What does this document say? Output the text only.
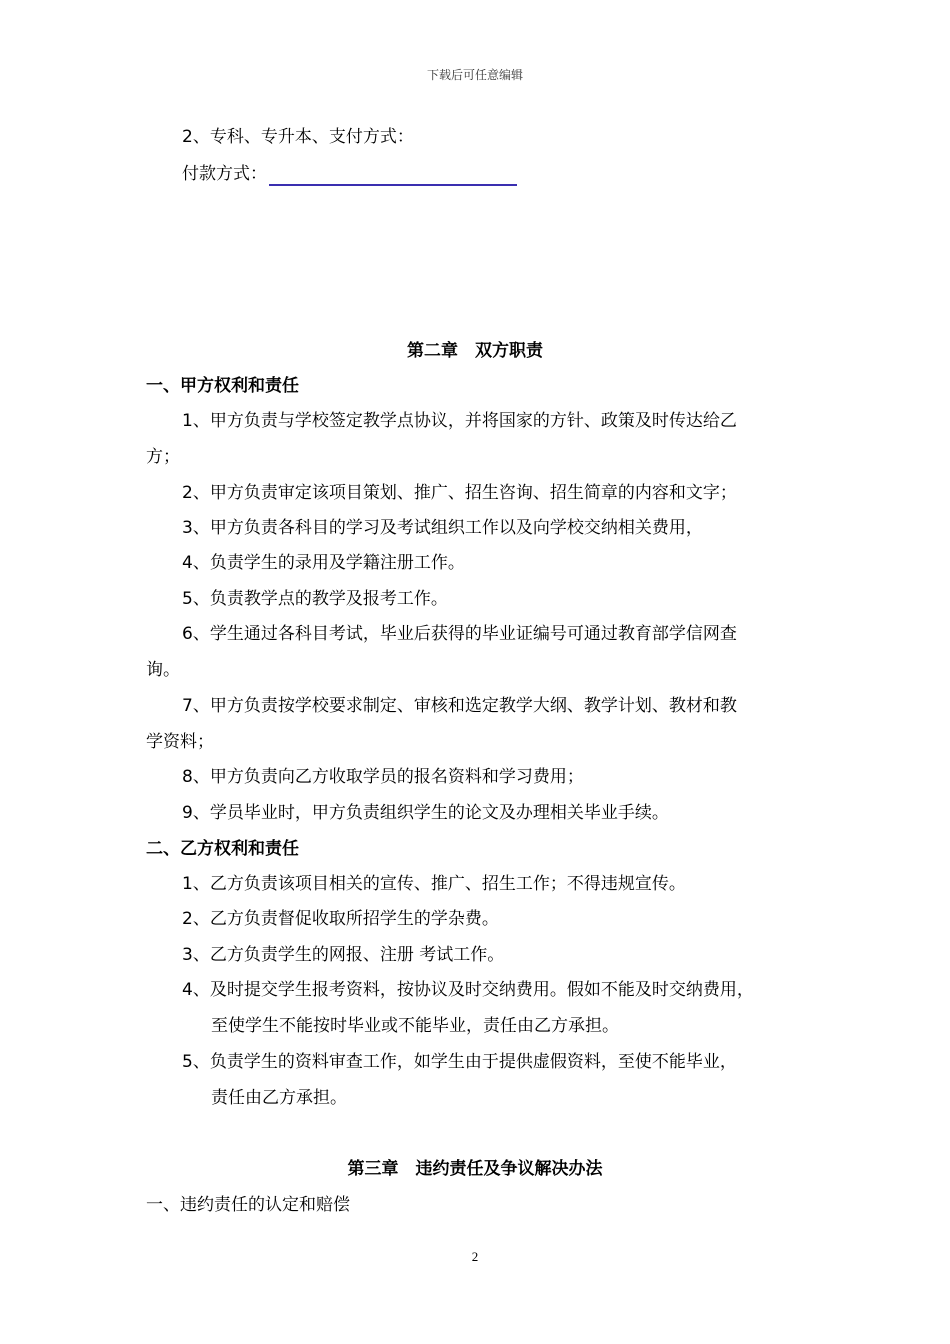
下载后可任意编辑
2、专科、专升本、支付方式：
付款方式：
第二章　双方职责
一、甲方权利和责任
1、甲方负责与学校签定教学点协议，并将国家的方针、政策及时传达给乙
方；
2、甲方负责审定该项目策划、推广、招生咨询、招生简章的内容和文字；
3、甲方负责各科目的学习及考试组织工作以及向学校交纳相关费用，
4、负责学生的录用及学籍注册工作。
5、负责教学点的教学及报考工作。
6、学生通过各科目考试，毕业后获得的毕业证编号可通过教育部学信网查
询。
7、甲方负责按学校要求制定、审核和选定教学大纲、教学计划、教材和教
学资料；
8、甲方负责向乙方收取学员的报名资料和学习费用；
9、学员毕业时，甲方负责组织学生的论文及办理相关毕业手续。
二、乙方权利和责任
1、乙方负责该项目相关的宣传、推广、招生工作；不得违规宣传。
2、乙方负责督促收取所招学生的学杂费。
3、乙方负责学生的网报、注册 考试工作。
4、及时提交学生报考资料，按协议及时交纳费用。假如不能及时交纳费用，
至使学生不能按时毕业或不能毕业，责任由乙方承担。
5、负责学生的资料审查工作，如学生由于提供虚假资料，至使不能毕业，
责任由乙方承担。
第三章　违约责任及争议解决办法
一、违约责任的认定和赔偿
2
